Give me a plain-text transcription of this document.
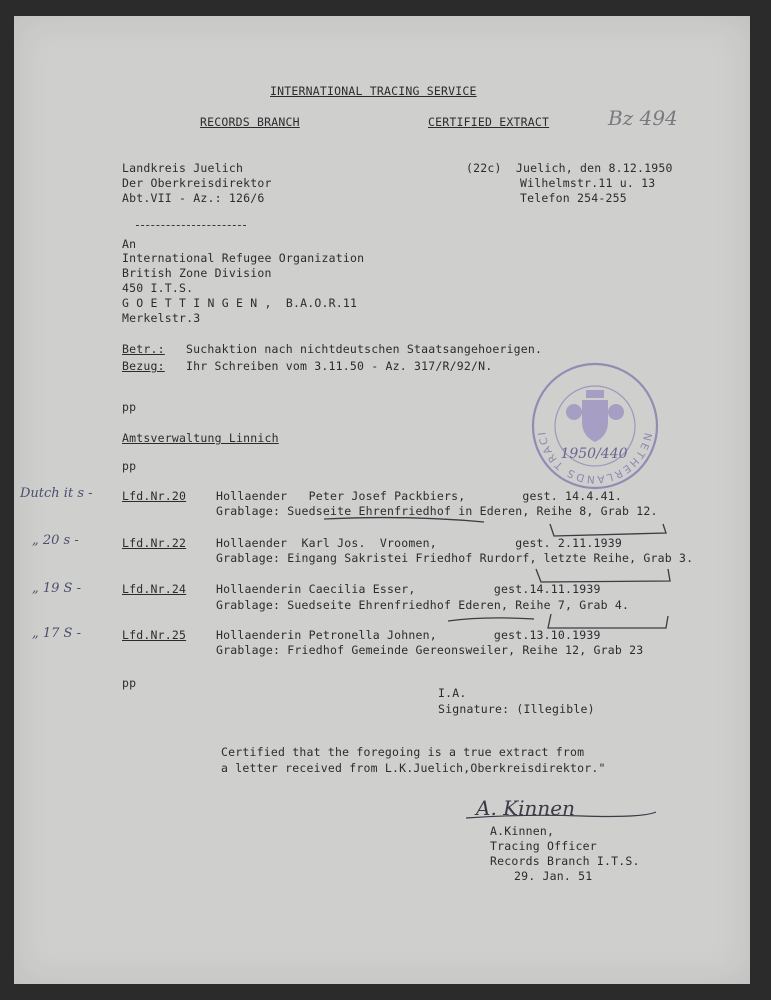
INTERNATIONAL TRACING SERVICE
RECORDS BRANCH	CERTIFIED EXTRACT	Bz 494
Landkreis Juelich
Der Oberkreisdirektor
Abt.VII - Az.: 126/6
(22c)  Juelich, den 8.12.1950
Wilhelmstr.11 u. 13
Telefon 254-255
An
International Refugee Organization
British Zone Division
450 I.T.S.
G O E T T I N G E N ,  B.A.O.R.11
Merkelstr.3
Betr.: Suchaktion nach nichtdeutschen Staatsangehoerigen.
Bezug: Ihr Schreiben vom 3.11.50 - Az. 317/R/92/N.
pp
Amtsverwaltung Linnich
pp
Dutch it s -	Lfd.Nr.20	Hollaender   Peter Josef Packbiers,        gest. 14.4.41.
Grablage: Suedseite Ehrenfriedhof in Ederen, Reihe 8, Grab 12.
„ 20 s -	Lfd.Nr.22	Hollaender  Karl Jos.  Vroomen,           gest. 2.11.1939
Grablage: Eingang Sakristei Friedhof Rurdorf, letzte Reihe, Grab 3.
„ 19 S -	Lfd.Nr.24	Hollaenderin Caecilia Esser,           gest.14.11.1939
Grablage: Suedseite Ehrenfriedhof Ederen, Reihe 7, Grab 4.
„ 17 S -	Lfd.Nr.25	Hollaenderin Petronella Johnen,        gest.13.10.1939
Grablage: Friedhof Gemeinde Gereonsweiler, Reihe 12, Grab 23
pp
I.A.
Signature: (Illegible)
Certified that the foregoing is a true extract from
a letter received from L.K.Juelich,Oberkreisdirektor."
A. Kinnen
A.Kinnen,
Tracing Officer
Records Branch I.T.S.
29. Jan. 51
NETHERLANDS TRACI
1950/440
